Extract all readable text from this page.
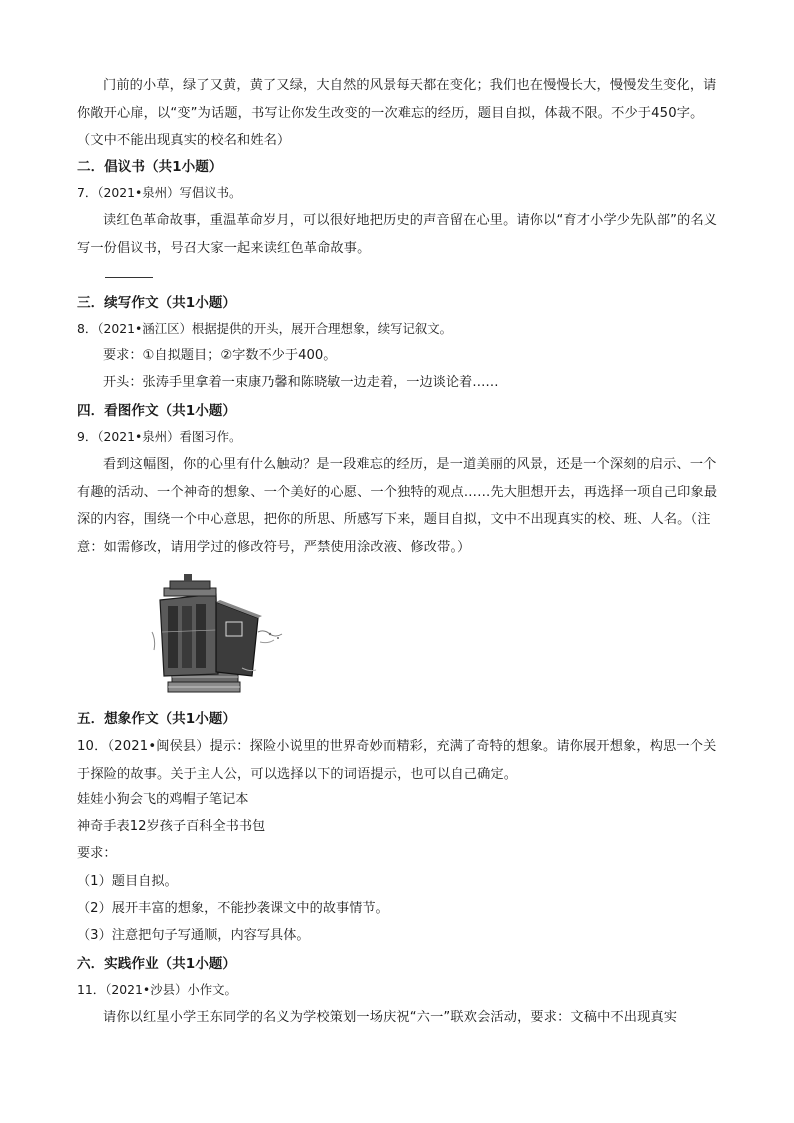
门前的小草，绿了又黄，黄了又绿，大自然的风景每天都在变化；我们也在慢慢长大，慢慢发生变化，请你敞开心扉，以“变”为话题，书写让你发生改变的一次难忘的经历，题目自拟，体裁不限。不少于450字。（文中不能出现真实的校名和姓名）

二．倡议书（共1小题）

7．（2021•泉州）写倡议书。

读红色革命故事，重温革命岁月，可以很好地把历史的声音留在心里。请你以“育才小学少先队部”的名义写一份倡议书，号召大家一起来读红色革命故事。

三．续写作文（共1小题）

8．（2021•涵江区）根据提供的开头，展开合理想象，续写记叙文。

要求：①自拟题目；②字数不少于400。

开头：张涛手里拿着一束康乃馨和陈晓敏一边走着，一边谈论着……

四．看图作文（共1小题）

9．（2021•泉州）看图习作。

看到这幅图，你的心里有什么触动？是一段难忘的经历，是一道美丽的风景，还是一个深刻的启示、一个有趣的活动、一个神奇的想象、一个美好的心愿、一个独特的观点……先大胆想开去，再选择一项自己印象最深的内容，围绕一个中心意思，把你的所思、所感写下来，题目自拟，文中不出现真实的校、班、人名。（注意：如需修改，请用学过的修改符号，严禁使用涂改液、修改带。）

五．想象作文（共1小题）

10．（2021•闽侯县）提示：探险小说里的世界奇妙而精彩，充满了奇特的想象。请你展开想象，构思一个关于探险的故事。关于主人公，可以选择以下的词语提示，也可以自己确定。

娃娃小狗会飞的鸡帽子笔记本

神奇手表12岁孩子百科全书书包

要求：

（1）题目自拟。

（2）展开丰富的想象，不能抄袭课文中的故事情节。

（3）注意把句子写通顺，内容写具体。

六．实践作业（共1小题）

11．（2021•沙县）小作文。

请你以红星小学王东同学的名义为学校策划一场庆祝“六一”联欢会活动，要求：文稿中不出现真实
